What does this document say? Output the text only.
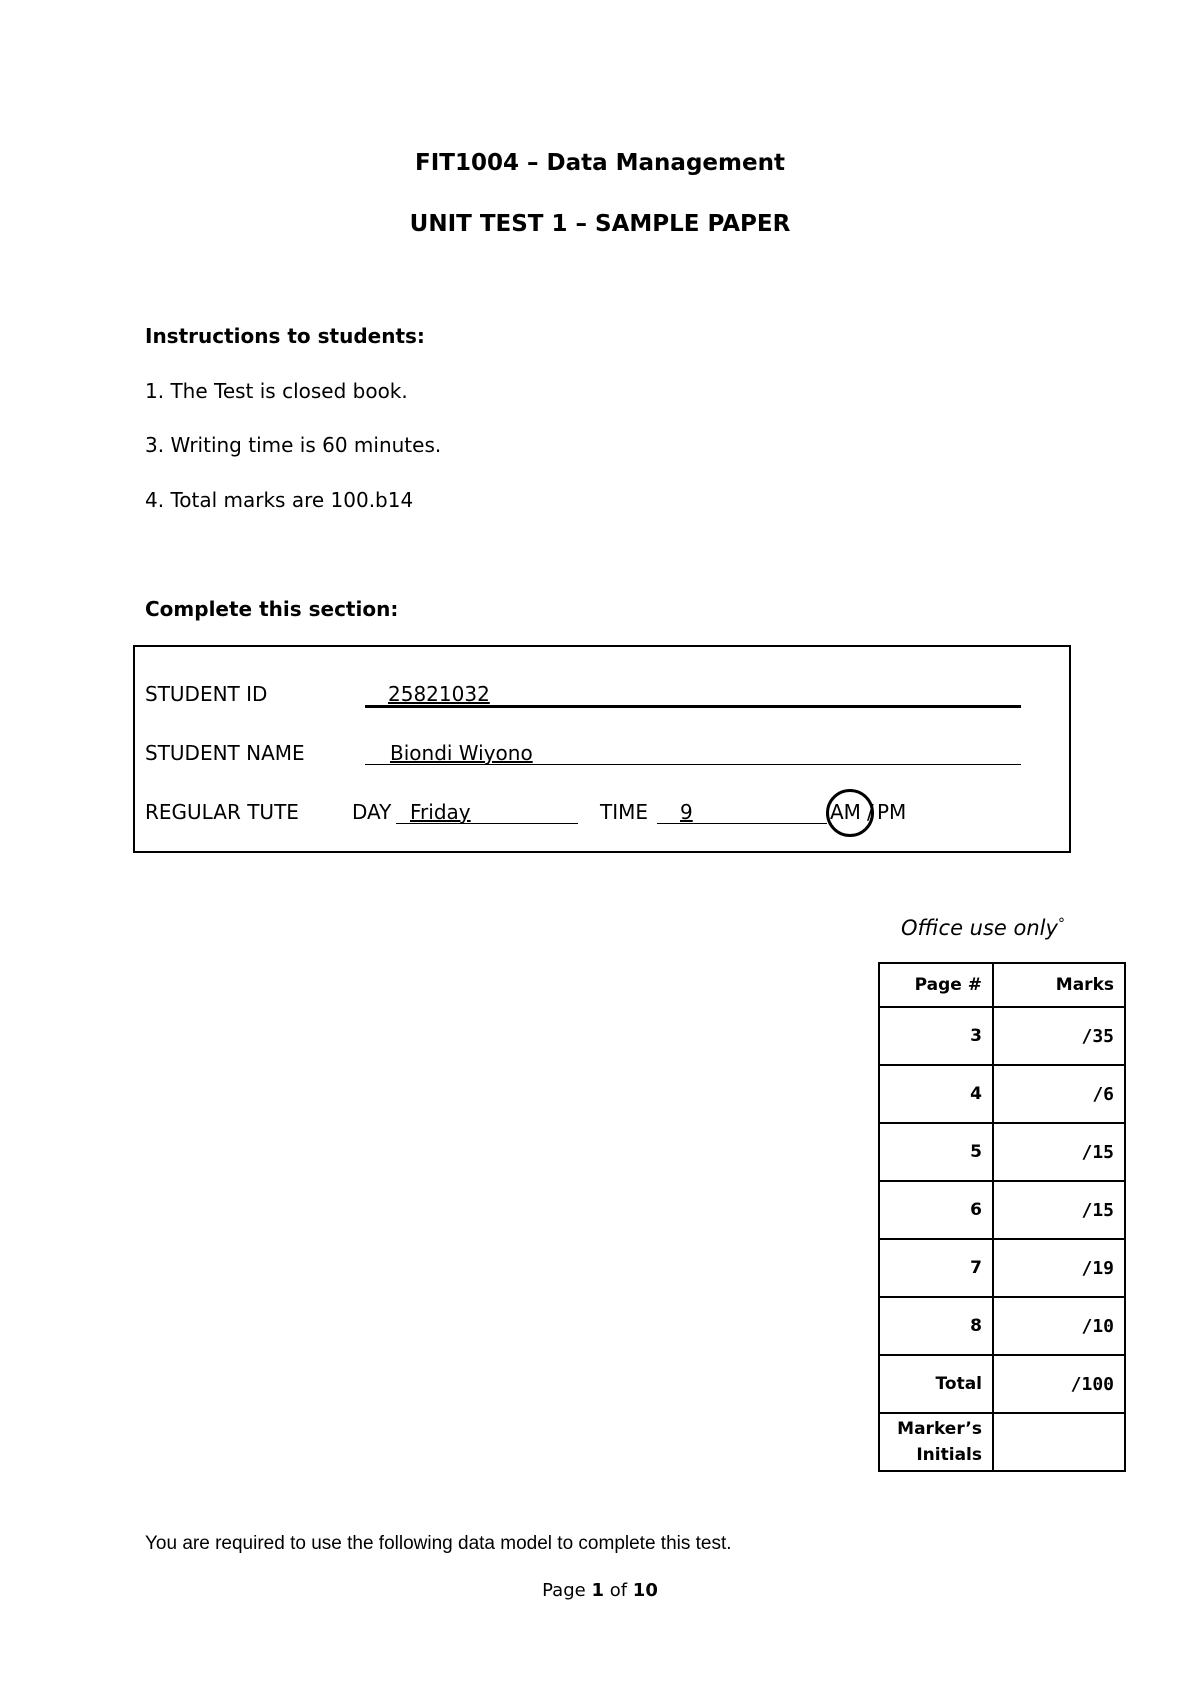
FIT1004 – Data Management
UNIT TEST 1 – SAMPLE PAPER
Instructions to students:
1. The Test is closed book.
3. Writing time is 60 minutes.
4. Total marks are 100.b14
Complete this section:
STUDENT ID	25821032
STUDENT NAME	Biondi Wiyono
REGULAR TUTE	DAY Friday	TIME 9	AM / PM
Office use only°
Page #	Marks
3	/35
4	/6
5	/15
6	/15
7	/19
8	/10
Total	/100

Marker’s
Initials	

You are required to use the following data model to complete this test.
Page 1 of 10
